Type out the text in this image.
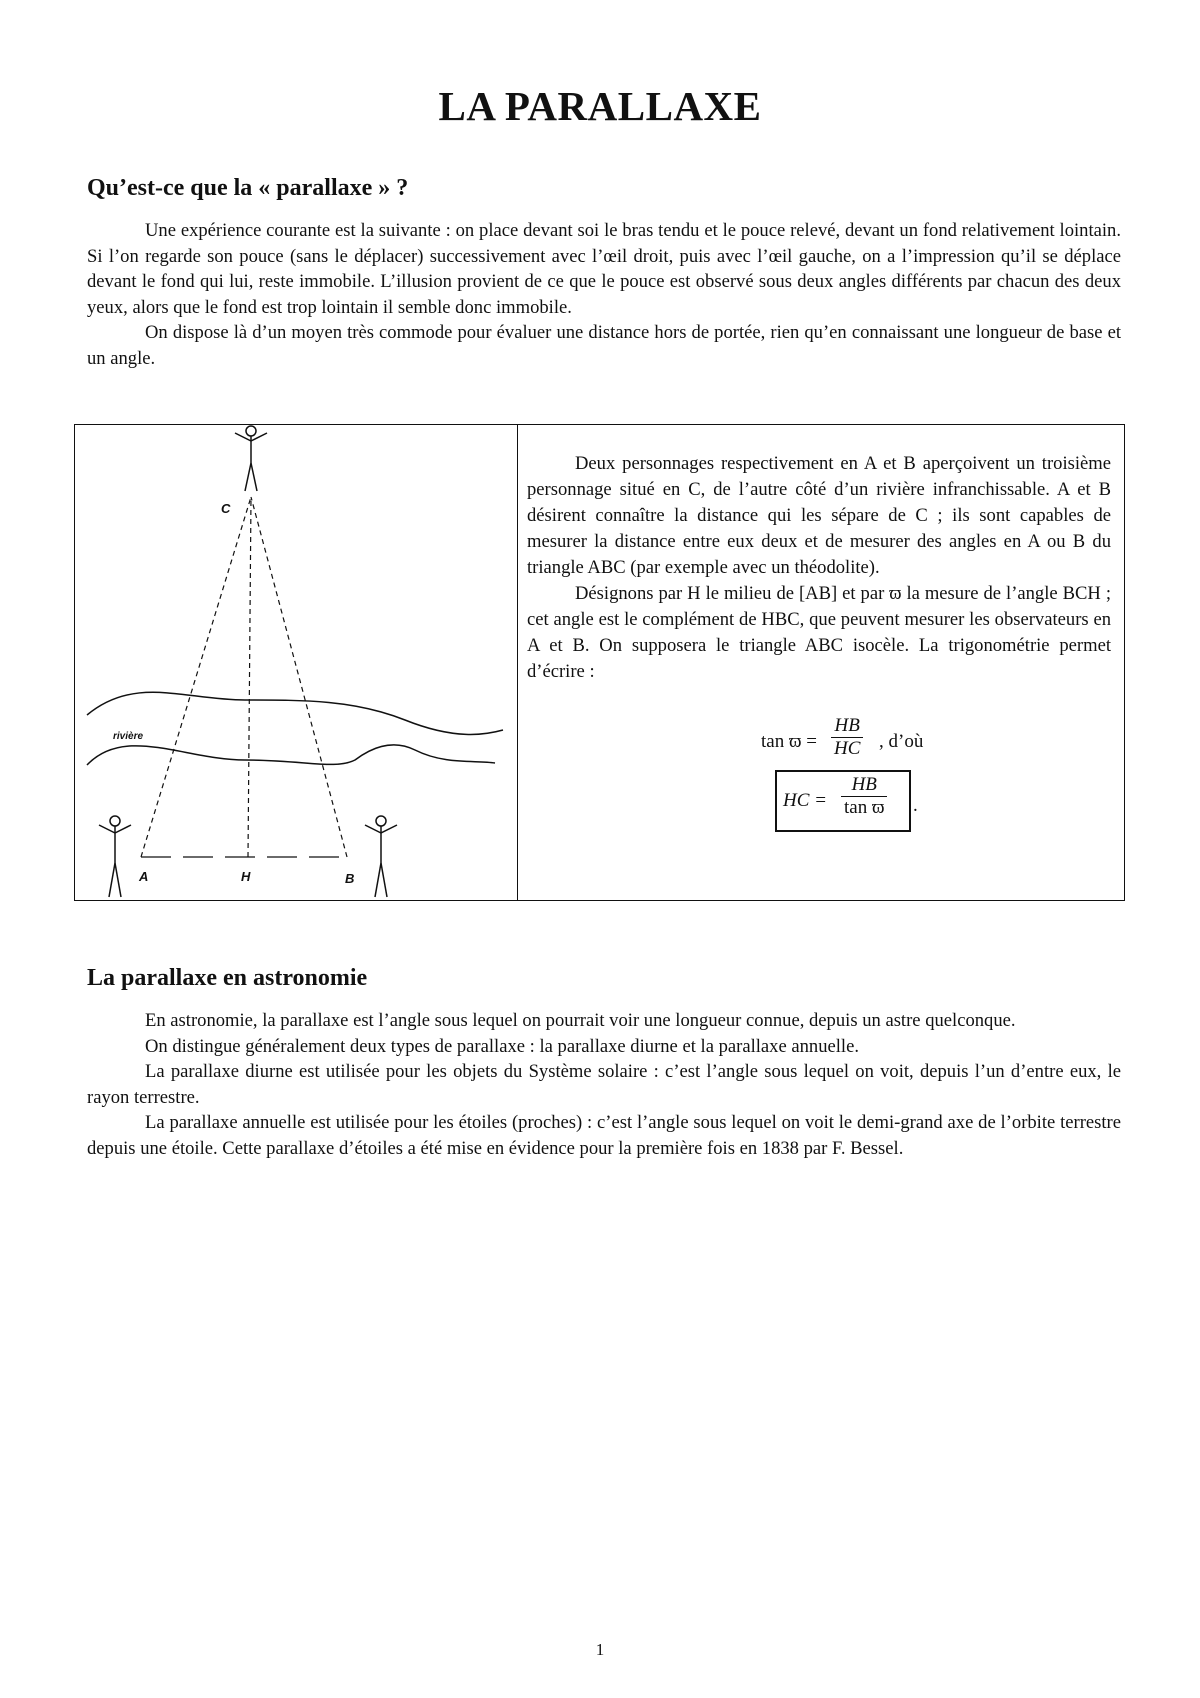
LA PARALLAXE
Qu’est-ce que la « parallaxe » ?

Une expérience courante est la suivante : on place devant soi le bras tendu et le pouce relevé, devant un fond relativement lointain. Si l’on regarde son pouce (sans le déplacer) successivement avec l’œil droit, puis avec l’œil gauche, on a l’impression qu’il se déplace devant le fond qui lui, reste immobile. L’illusion provient de ce que le pouce est observé sous deux angles différents par chacun des deux yeux, alors que le fond est trop lointain il semble donc immobile.

On dispose là d’un moyen très commode pour évaluer une distance hors de portée, rien qu’en connaissant une longueur de base et un angle.

C
A	H	B
rivière

Deux personnages respectivement en A et B aperçoivent un troisième personnage situé en C, de l’autre côté d’un rivière infranchissable. A et B désirent connaître la distance qui les sépare de C ; ils sont capables de mesurer la distance entre eux deux et de mesurer des angles en A ou B du triangle ABC (par exemple avec un théodolite).

Désignons par H le milieu de [AB] et par ϖ la mesure de l’angle BCH ; cet angle est le complément de HBC, que peuvent mesurer les observateurs en A et B. On supposera le triangle ABC isocèle. La trigonométrie permet d’écrire :

$\tan ϖ = \frac{HB}{HC}$ , d’où
HC = $\frac{HB}{\text{tan ϖ}}$ .
La parallaxe en astronomie

En astronomie, la parallaxe est l’angle sous lequel on pourrait voir une longueur connue, depuis un astre quelconque.

On distingue généralement deux types de parallaxe : la parallaxe diurne et la parallaxe annuelle.

La parallaxe diurne est utilisée pour les objets du Système solaire : c’est l’angle sous lequel on voit, depuis l’un d’entre eux, le rayon terrestre.

La parallaxe annuelle est utilisée pour les étoiles (proches) : c’est l’angle sous lequel on voit le demi-grand axe de l’orbite terrestre depuis une étoile. Cette parallaxe d’étoiles a été mise en évidence pour la première fois en 1838 par F. Bessel.

1
